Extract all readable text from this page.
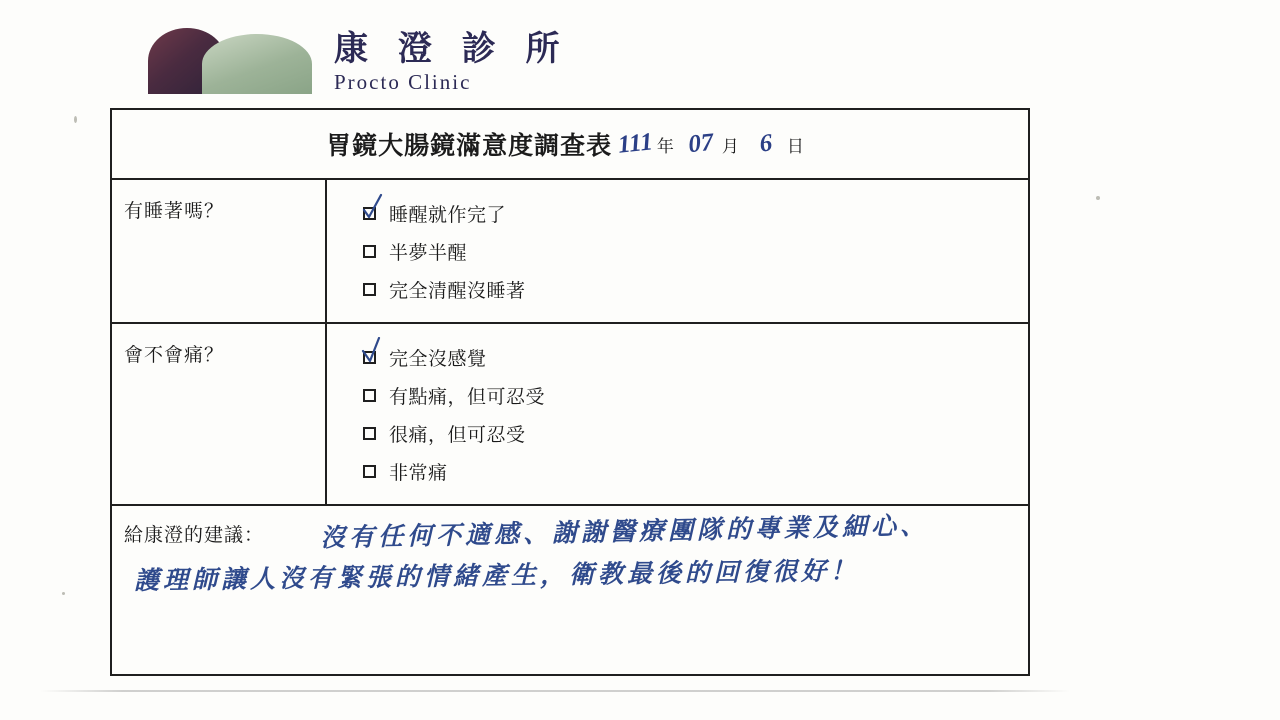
康 澄 診 所
Procto Clinic
胃鏡大腸鏡滿意度調查表 111 年 07 月 6 日
有睡著嗎？	睡醒就作完了
半夢半醒
完全清醒沒睡著
會不會痛？	完全沒感覺
有點痛，但可忍受
很痛，但可忍受
非常痛
給康澄的建議： 沒有任何不適感、謝謝醫療團隊的專業及細心、
護理師讓人沒有緊張的情緒產生，衛教最後的回復很好！
